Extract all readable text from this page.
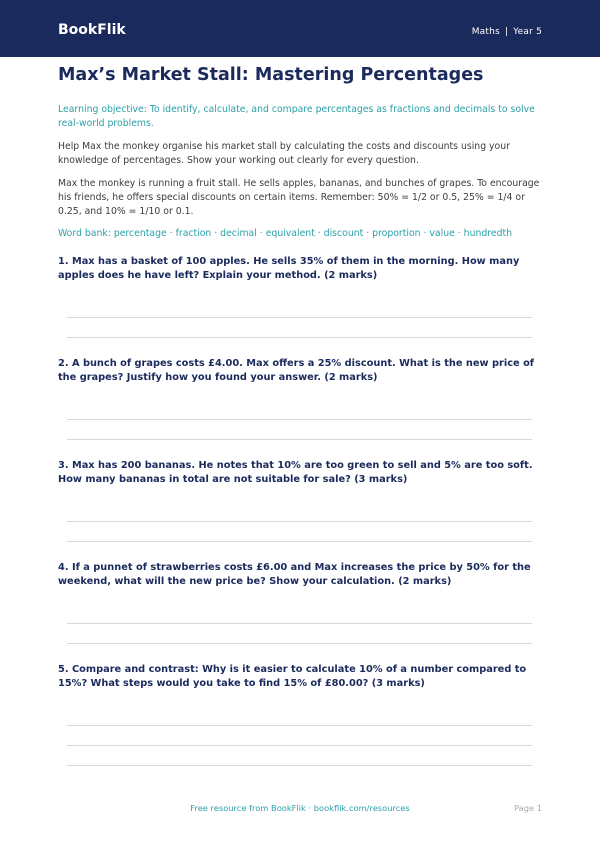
BookFlik	Maths | Year 5
Max’s Market Stall: Mastering Percentages

Learning objective: To identify, calculate, and compare percentages as fractions and decimals to solve real-world problems.

Help Max the monkey organise his market stall by calculating the costs and discounts using your knowledge of percentages. Show your working out clearly for every question.

Max the monkey is running a fruit stall. He sells apples, bananas, and bunches of grapes. To encourage his friends, he offers special discounts on certain items. Remember: 50% = 1/2 or 0.5, 25% = 1/4 or 0.25, and 10% = 1/10 or 0.1.

Word bank: percentage · fraction · decimal · equivalent · discount · proportion · value · hundredth

1. Max has a basket of 100 apples. He sells 35% of them in the morning. How many apples does he have left? Explain your method. (2 marks)

2. A bunch of grapes costs £4.00. Max offers a 25% discount. What is the new price of the grapes? Justify how you found your answer. (2 marks)

3. Max has 200 bananas. He notes that 10% are too green to sell and 5% are too soft. How many bananas in total are not suitable for sale? (3 marks)

4. If a punnet of strawberries costs £6.00 and Max increases the price by 50% for the weekend, what will the new price be? Show your calculation. (2 marks)

5. Compare and contrast: Why is it easier to calculate 10% of a number compared to 15%? What steps would you take to find 15% of £80.00? (3 marks)

Free resource from BookFlik · bookflik.com/resources	Page 1
